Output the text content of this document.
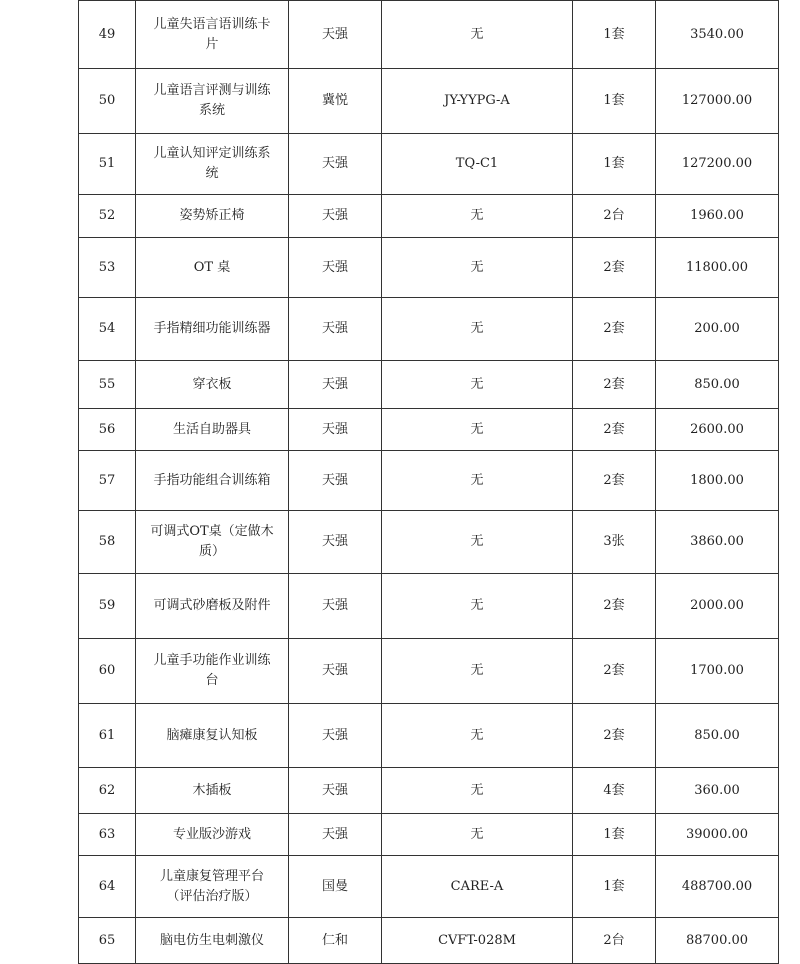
49	儿童失语言语训练卡片	天强	无	1套	3540.00
50	儿童语言评测与训练系统	冀悦	JY-YYPG-A	1套	127000.00
51	儿童认知评定训练系统	天强	TQ-C1	1套	127200.00
52	姿势矫正椅	天强	无	2台	1960.00
53	OT 桌	天强	无	2套	11800.00
54	手指精细功能训练器	天强	无	2套	200.00
55	穿衣板	天强	无	2套	850.00
56	生活自助器具	天强	无	2套	2600.00
57	手指功能组合训练箱	天强	无	2套	1800.00
58	可调式OT桌（定做木质）	天强	无	3张	3860.00
59	可调式砂磨板及附件	天强	无	2套	2000.00
60	儿童手功能作业训练台	天强	无	2套	1700.00
61	脑瘫康复认知板	天强	无	2套	850.00
62	木插板	天强	无	4套	360.00
63	专业版沙游戏	天强	无	1套	39000.00
64	儿童康复管理平台（评估治疗版）	国曼	CARE-A	1套	488700.00
65	脑电仿生电刺激仪	仁和	CVFT-028M	2台	88700.00
